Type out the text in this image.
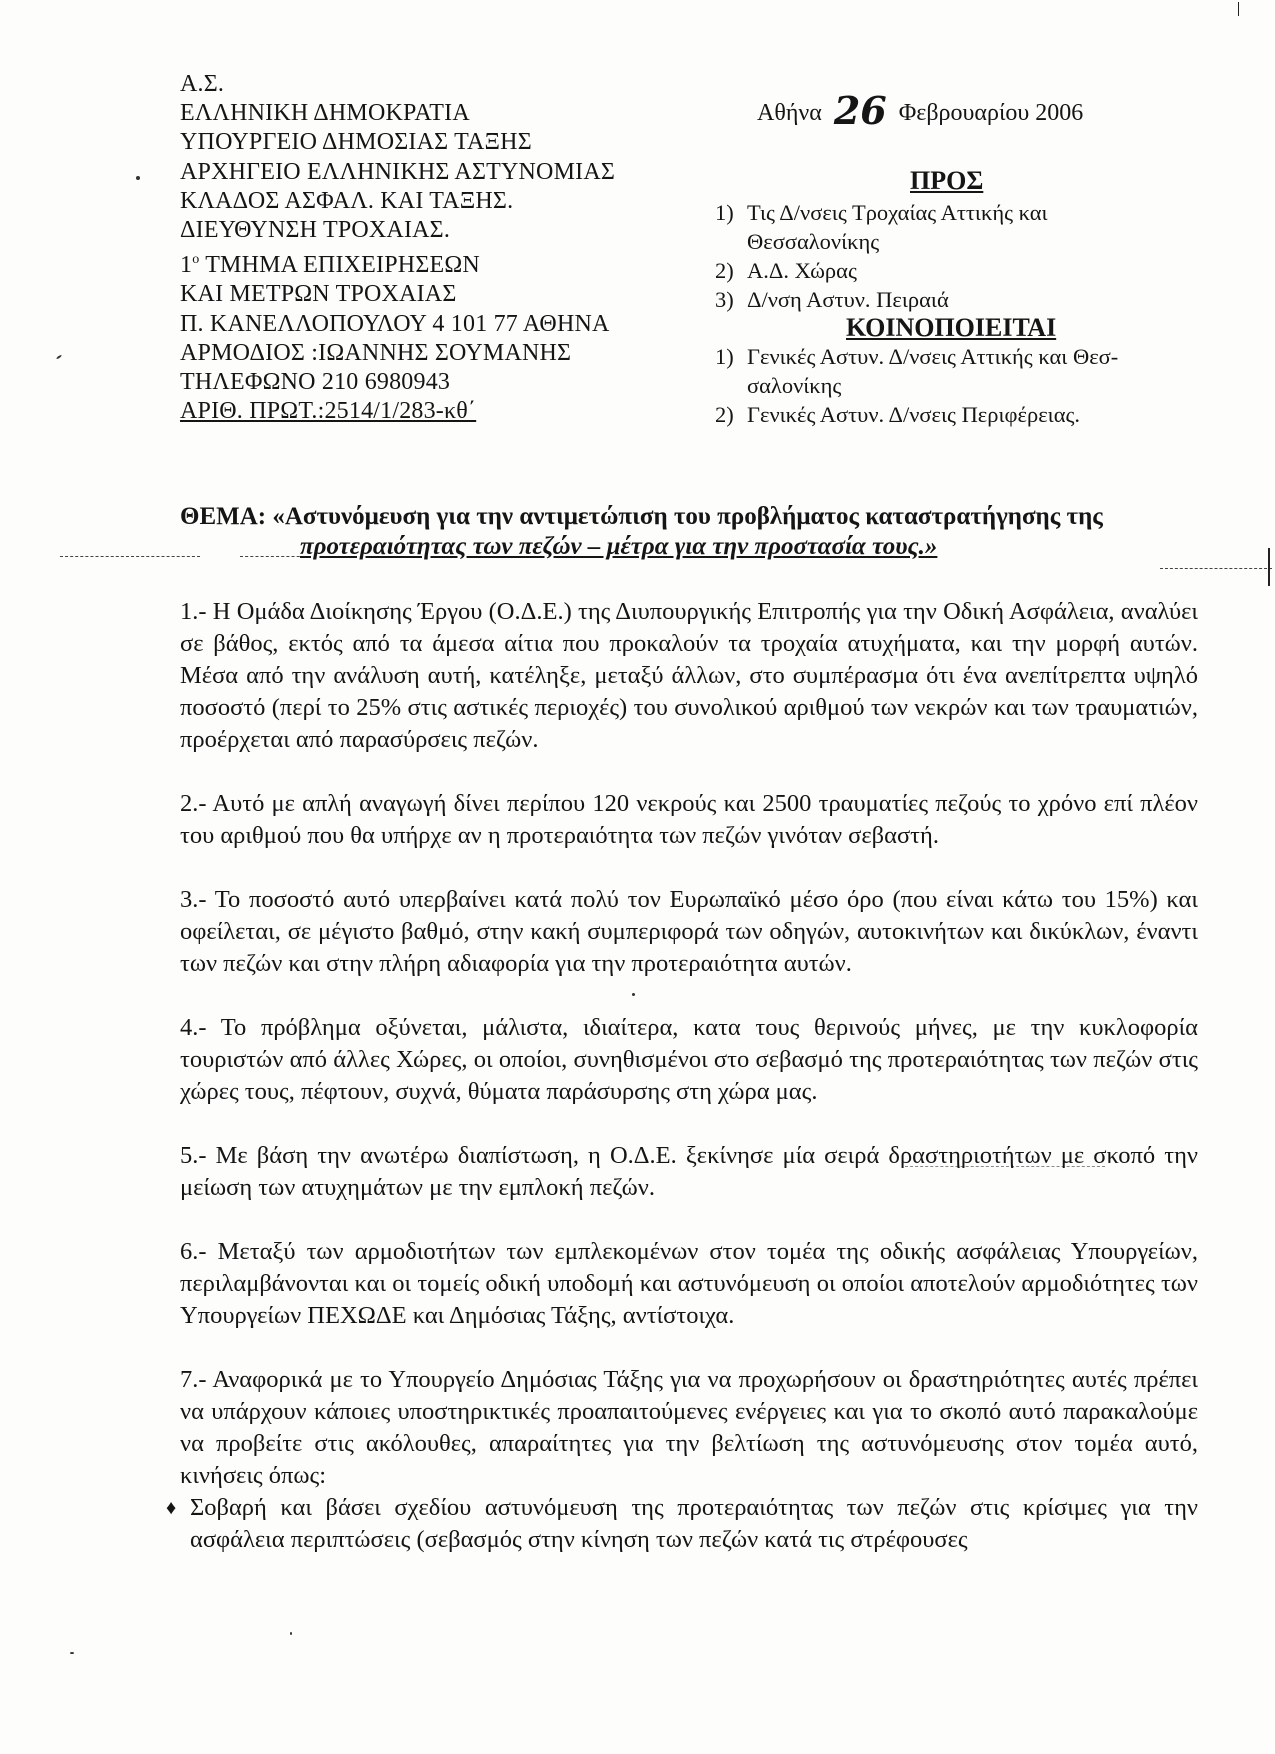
Α.Σ.
ΕΛΛΗΝΙΚΗ ΔΗΜΟΚΡΑΤΙΑ
ΥΠΟΥΡΓΕΙΟ ΔΗΜΟΣΙΑΣ ΤΑΞΗΣ
ΑΡΧΗΓΕΙΟ ΕΛΛΗΝΙΚΗΣ ΑΣΤΥΝΟΜΙΑΣ
ΚΛΑΔΟΣ ΑΣΦΑΛ. ΚΑΙ ΤΑΞΗΣ.
ΔΙΕΥΘΥΝΣΗ ΤΡΟΧΑΙΑΣ.
$1^o$ ΤΜΗΜΑ ΕΠΙΧΕΙΡΗΣΕΩΝ
ΚΑΙ ΜΕΤΡΩΝ ΤΡΟΧΑΙΑΣ
Π. ΚΑΝΕΛΛΟΠΟΥΛΟΥ 4 101 77 ΑΘΗΝΑ
ΑΡΜΟΔΙΟΣ :ΙΩΑΝΝΗΣ ΣΟΥΜΑΝΗΣ
ΤΗΛΕΦΩΝΟ 210 6980943
ΑΡΙΘ. ΠΡΩΤ.:2514/1/283-κθ΄
Αθήνα 26 Φεβρουαρίου 2006
ΠΡΟΣ
1) Τις Δ/νσεις Τροχαίας Αττικής και
Θεσσαλονίκης
2) Α.Δ. Χώρας
3) Δ/νση Αστυν. Πειραιά
ΚΟΙΝΟΠΟΙΕΙΤΑΙ
1) Γενικές Αστυν. Δ/νσεις Αττικής και Θεσ-
σαλονίκης
2) Γενικές Αστυν. Δ/νσεις Περιφέρειας.
ΘΕΜΑ: «Αστυνόμευση για την αντιμετώπιση του προβλήματος καταστρατήγησης της
προτεραιότητας των πεζών – μέτρα για την προστασία τους.»

1.- Η Ομάδα Διοίκησης Έργου (Ο.Δ.Ε.) της Διυπουργικής Επιτροπής για την Οδική Ασφάλεια, αναλύει σε βάθος, εκτός από τα άμεσα αίτια που προκαλούν τα τροχαία ατυχήματα, και την μορφή αυτών. Μέσα από την ανάλυση αυτή, κατέληξε, μεταξύ άλλων, στο συμπέρασμα ότι ένα ανεπίτρεπτα υψηλό ποσοστό (περί το 25% στις αστικές περιοχές) του συνολικού αριθμού των νεκρών και των τραυματιών, προέρχεται από παρασύρσεις πεζών.

2.- Αυτό με απλή αναγωγή δίνει περίπου 120 νεκρούς και 2500 τραυματίες πεζούς το χρόνο επί πλέον του αριθμού που θα υπήρχε αν η προτεραιότητα των πεζών γινόταν σεβαστή.

3.- Το ποσοστό αυτό υπερβαίνει κατά πολύ τον Ευρωπαϊκό μέσο όρο (που είναι κάτω του 15%) και οφείλεται, σε μέγιστο βαθμό, στην κακή συμπεριφορά των οδηγών, αυτοκινήτων και δικύκλων, έναντι των πεζών και στην πλήρη αδιαφορία για την προτεραιότητα αυτών.

4.- Το πρόβλημα οξύνεται, μάλιστα, ιδιαίτερα, κατα τους θερινούς μήνες, με την κυκλοφορία τουριστών από άλλες Χώρες, οι οποίοι, συνηθισμένοι στο σεβασμό της προτεραιότητας των πεζών στις χώρες τους, πέφτουν, συχνά, θύματα παράσυρσης στη χώρα μας.

5.- Με βάση την ανωτέρω διαπίστωση, η Ο.Δ.Ε. ξεκίνησε μία σειρά δραστηριοτήτων με σκοπό την μείωση των ατυχημάτων με την εμπλοκή πεζών.

6.- Μεταξύ των αρμοδιοτήτων των εμπλεκομένων στον τομέα της οδικής ασφάλειας Υπουργείων, περιλαμβάνονται και οι τομείς οδική υποδομή και αστυνόμευση οι οποίοι αποτελούν αρμοδιότητες των Υπουργείων ΠΕΧΩΔΕ και Δημόσιας Τάξης, αντίστοιχα.

7.- Αναφορικά με το Υπουργείο Δημόσιας Τάξης για να προχωρήσουν οι δραστηριότητες αυτές πρέπει να υπάρχουν κάποιες υποστηρικτικές προαπαιτούμενες ενέργειες και για το σκοπό αυτό παρακαλούμε να προβείτε στις ακόλουθες, απαραίτητες για την βελτίωση της αστυνόμευσης στον τομέα αυτό, κινήσεις όπως:

♦ Σοβαρή και βάσει σχεδίου αστυνόμευση της προτεραιότητας των πεζών στις κρίσιμες για την ασφάλεια περιπτώσεις (σεβασμός στην κίνηση των πεζών κατά τις στρέφουσες
